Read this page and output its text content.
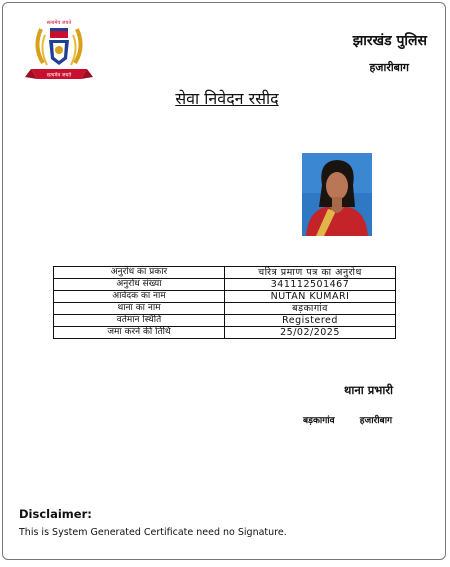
सत्यमेव जयते
सत्यमेव जयते
झारखंड पुलिस
हजारीबाग
सेवा निवेदन रसीद
अनुरोध का प्रकार	चरित्र प्रमाण पत्र का अनुरोध
अनुरोध संख्या	341112501467
आवेदक का नाम	NUTAN KUMARI
थाना का नाम	बड़कागांव
वर्तमान स्थिति	Registered
जमा करने की तिथि	25/02/2025
थाना प्रभारी
बड़कागांव	हजारीबाग
Disclaimer:
This is System Generated Certificate need no Signature.
